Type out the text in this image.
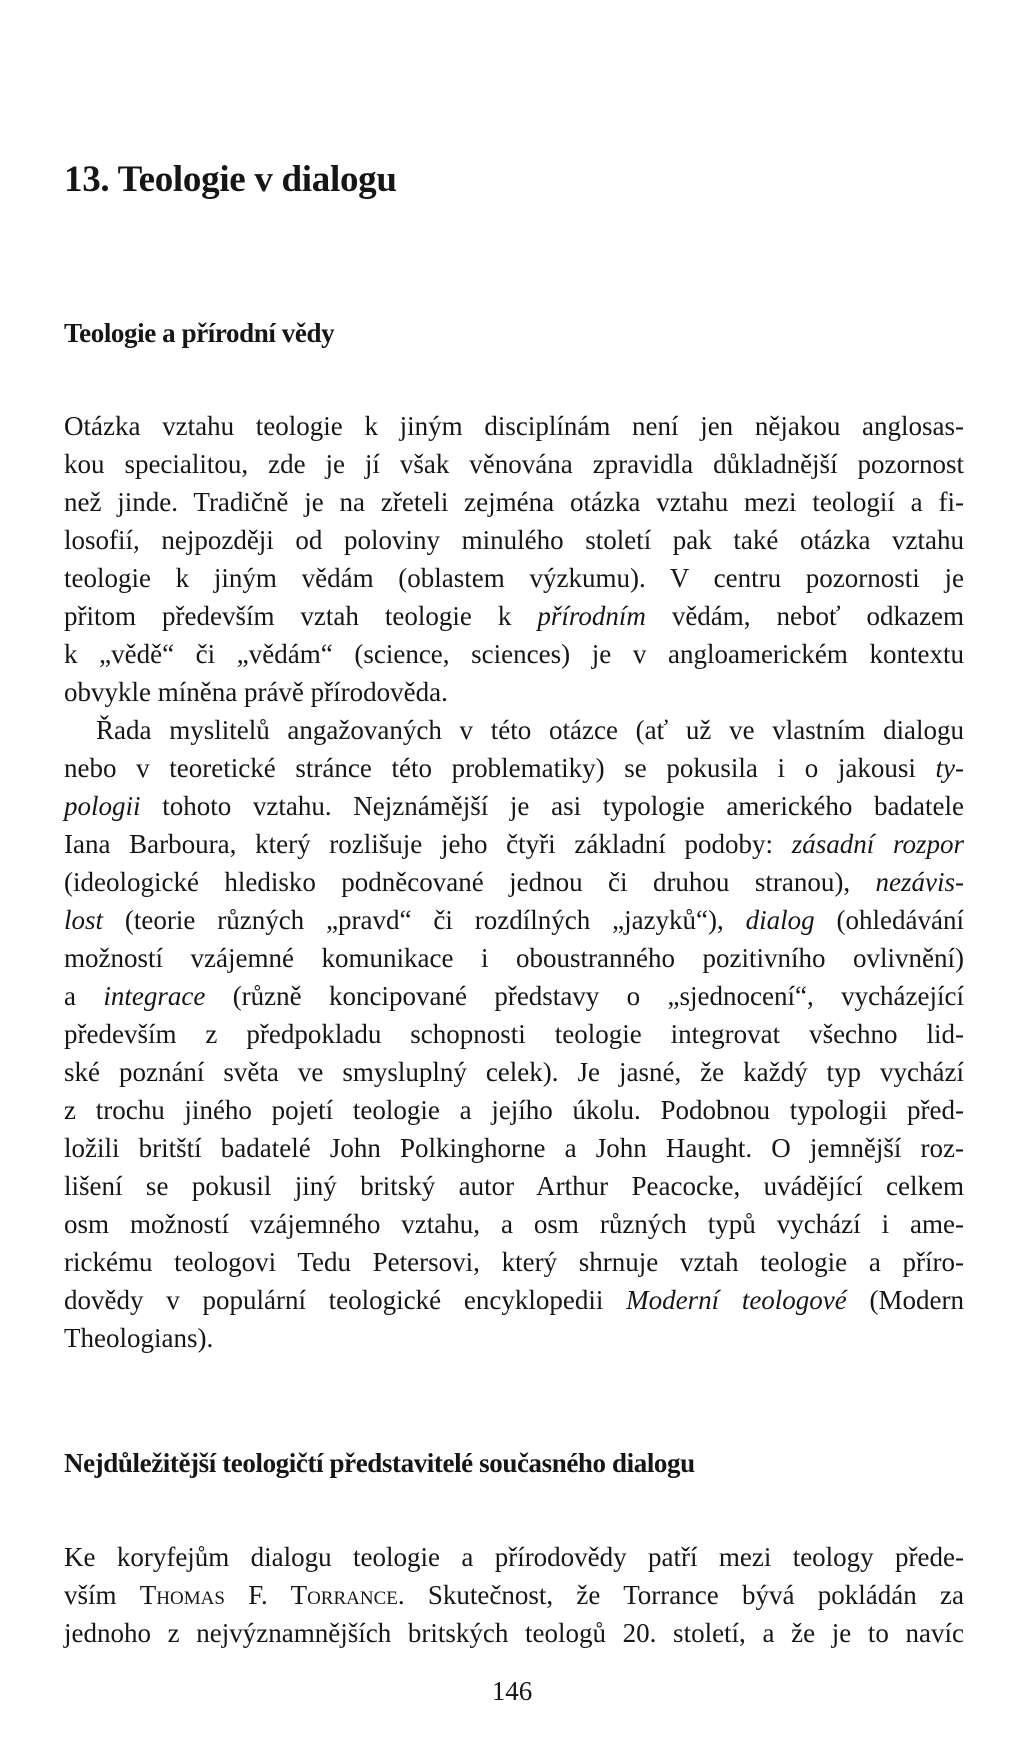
13. Teologie v dialogu
Teologie a přírodní vědy

Otázka vztahu teologie k jiným disciplínám není jen nějakou anglosas-

kou specialitou, zde je jí však věnována zpravidla důkladnější pozornost

než jinde. Tradičně je na zřeteli zejména otázka vztahu mezi teologií a fi-

losofií, nejpozději od poloviny minulého století pak také otázka vztahu

teologie k jiným vědám (oblastem výzkumu). V centru pozornosti je

přitom především vztah teologie k přírodním vědám, neboť odkazem

k „vědě“ či „vědám“ (science, sciences) je v angloamerickém kontextu

obvykle míněna právě přírodověda.

Řada myslitelů angažovaných v této otázce (ať už ve vlastním dialogu

nebo v teoretické stránce této problematiky) se pokusila i o jakousi ty-

pologii tohoto vztahu. Nejznámější je asi typologie amerického badatele

Iana Barboura, který rozlišuje jeho čtyři základní podoby: zásadní rozpor

(ideologické hledisko podněcované jednou či druhou stranou), nezávis-

lost (teorie různých „pravd“ či rozdílných „jazyků“), dialog (ohledávání

možností vzájemné komunikace i oboustranného pozitivního ovlivnění)

a integrace (různě koncipované představy o „sjednocení“, vycházející

především z předpokladu schopnosti teologie integrovat všechno lid-

ské poznání světa ve smysluplný celek). Je jasné, že každý typ vychází

z trochu jiného pojetí teologie a jejího úkolu. Podobnou typologii před-

ložili britští badatelé John Polkinghorne a John Haught. O jemnější roz-

lišení se pokusil jiný britský autor Arthur Peacocke, uvádějící celkem

osm možností vzájemného vztahu, a osm různých typů vychází i ame-

rickému teologovi Tedu Petersovi, který shrnuje vztah teologie a příro-

dovědy v populární teologické encyklopedii Moderní teologové (Modern

Theologians).

Nejdůležitější teologičtí představitelé současného dialogu

Ke koryfejům dialogu teologie a přírodovědy patří mezi teology přede-

vším Thomas F. Torrance. Skutečnost, že Torrance bývá pokládán za

jednoho z nejvýznamnějších britských teologů 20. století, a že je to navíc

146
